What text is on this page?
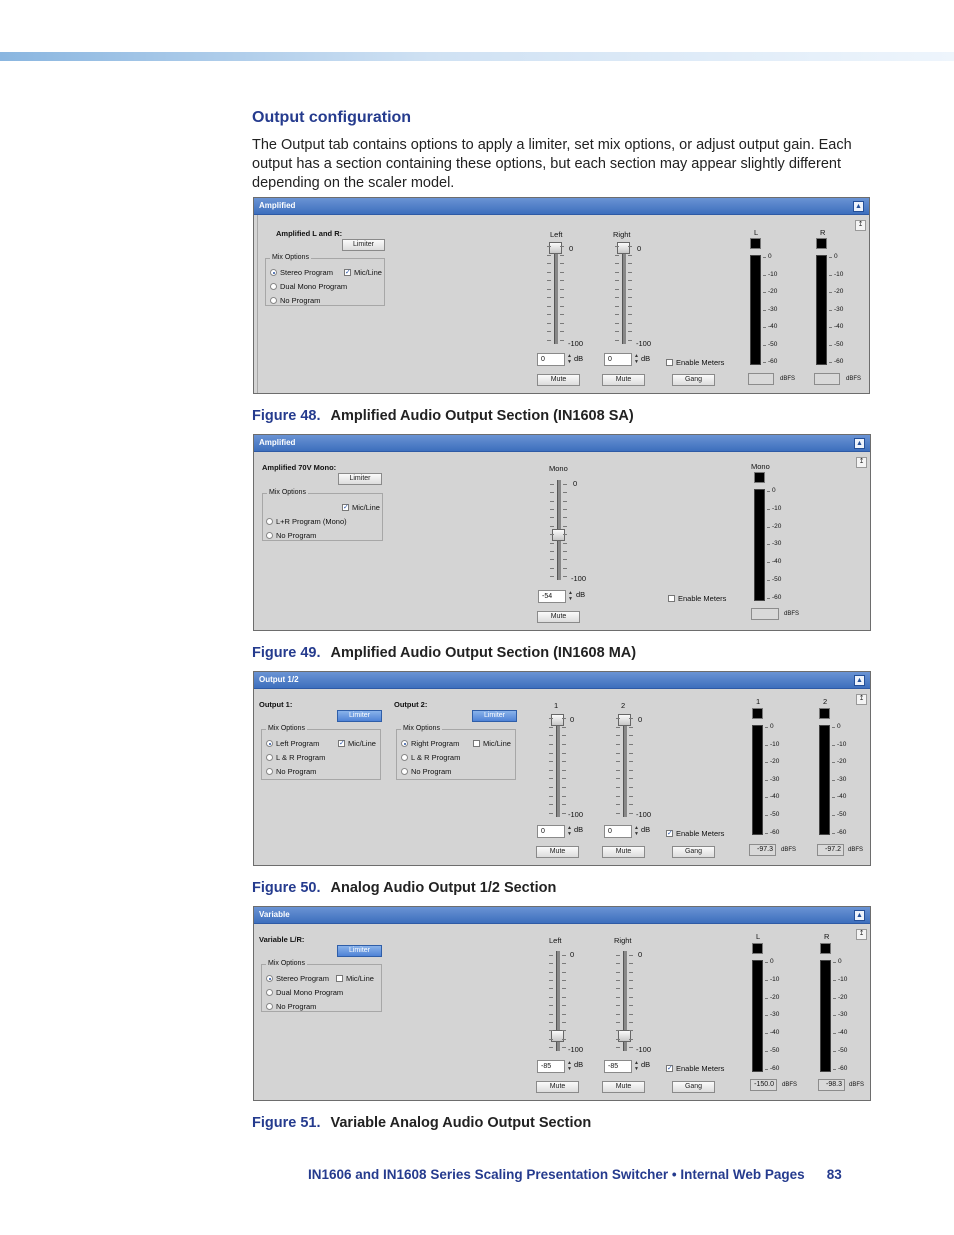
Output configuration

The Output tab contains options to apply a limiter, set mix options, or adjust output gain. Each output has a section containing these options, but each section may appear slightly different depending on the scaler model.

Amplified	▲
↥
Amplified L and R:
Limiter
Mix Options
Stereo Program ✓ Mic/Line
Dual Mono Program
No Program
Left
0
-100
0	▲
▼ dB
Mute
Right
0
-100
0	▲
▼ dB
Mute
Enable Meters
Gang
L
dBFS
R
dBFS
0
-10
-20
-30
-40
-50
-60
0
-10
-20
-30
-40
-50
-60
Figure 48. Amplified Audio Output Section (IN1608 SA)
Amplified	▲
↥
Amplified 70V Mono:
Limiter
Mix Options
✓ Mic/Line
L+R Program (Mono)
No Program
Mono
0
-100
-54	▲
▼ dB
Mute
Enable Meters
Mono
dBFS
0
-10
-20
-30
-40
-50
-60
Figure 49. Amplified Audio Output Section (IN1608 MA)
Output 1/2	▲
↥
Output 1:
Limiter
Mix Options
Left Program	✓ Mic/Line
L & R Program
No Program
Output 2:
Limiter
Mix Options
Right Program	Mic/Line
L & R Program
No Program
1
0
-100
0	▲
▼ dB
Mute
2
0
-100
0	▲
▼ dB
Mute
✓ Enable Meters
Gang
1
-97.3	dBFS
2
-97.2	dBFS
0
-10
-20
-30
-40
-50
-60
0
-10
-20
-30
-40
-50
-60
Figure 50. Analog Audio Output 1/2 Section
Variable	▲
↥
Variable L/R:
Limiter
Mix Options
Stereo Program Mic/Line
Dual Mono Program
No Program
Left
0
-100
-85	▲
▼ dB
Mute
Right
0
-100
-85	▲
▼ dB
Mute
✓ Enable Meters
Gang
L
-150.0	dBFS
R
-98.3	dBFS
0
-10
-20
-30
-40
-50
-60
0
-10
-20
-30
-40
-50
-60
Figure 51. Variable Analog Audio Output Section
IN1606 and IN1608 Series Scaling Presentation Switcher • Internal Web Pages 83
